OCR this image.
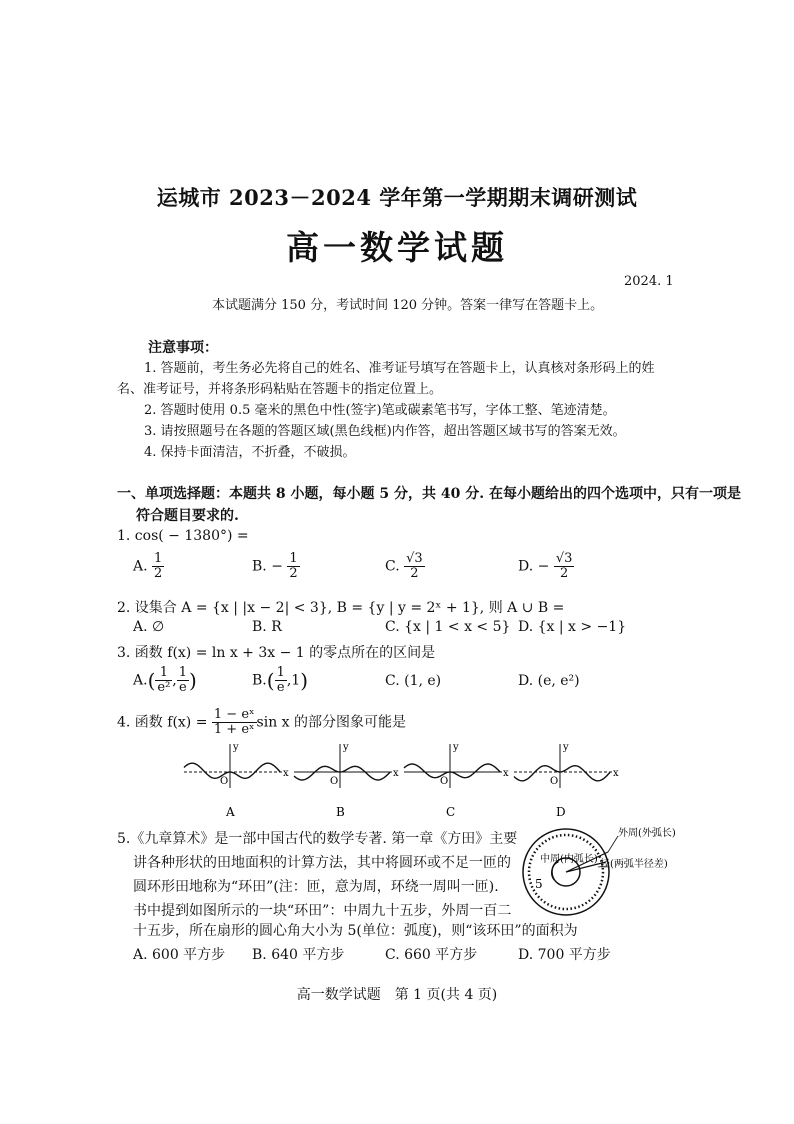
运城市 2023－2024 学年第一学期期末调研测试
高一数学试题
2024. 1
本试题满分 150 分，考试时间 120 分钟。答案一律写在答题卡上。
注意事项：
1. 答题前，考生务必先将自己的姓名、准考证号填写在答题卡上，认真核对条形码上的姓
名、准考证号，并将条形码粘贴在答题卡的指定位置上。
2. 答题时使用 0.5 毫米的黑色中性(签字)笔或碳素笔书写，字体工整、笔迹清楚。
3. 请按照题号在各题的答题区域(黑色线框)内作答，超出答题区域书写的答案无效。
4. 保持卡面清洁，不折叠，不破损。
一、单项选择题：本题共 8 小题，每小题 5 分，共 40 分. 在每小题给出的四个选项中，只有一项是
符合题目要求的.
1. cos( − 1380°) =
A. $\frac{1}{2}$	B. − $\frac{1}{2}$	C. $\frac{√3}{2}$	D. − $\frac{√3}{2}$
2. 设集合 A = {x | |x − 2| < 3}, B = {y | y = 2ˣ + 1}, 则 A ∪ B =
A. ∅	B. R	C. {x | 1 < x < 5} D. {x | x > −1}
3. 函数 f(x) = ln x + 3x − 1 的零点所在的区间是
$A.( \frac{1}{\text{e²}}$ , $\frac{1}{e}$ )	$B.( \frac{1}{e} ,1)$	C. (1, e)	D. (e, e²)
4. 函数 $f(x) = \frac{\text{1 − eˣ}}{\text{1 + eˣ}}$ sin x 的部分图象可能是
x
y
O
A
x
y
O
B
x
y
O
C
x
y
O
D
5.《九章算术》是一部中国古代的数学专著. 第一章《方田》主要
讲各种形状的田地面积的计算方法，其中将圆环或不足一匝的
圆环形田地称为“环田”(注：匝，意为周，环绕一周叫一匝).
书中提到如图所示的一块“环田”：中周九十五步，外周一百二
十五步，所在扇形的圆心角大小为 5(单位：弧度)，则“该环田”的面积为
A. 600 平方步 B. 640 平方步	C. 660 平方步	D. 700 平方步
外周(外弧长)
中周(内弧长) 径(两弧半径差)
5
高一数学试题　第 1 页(共 4 页)
